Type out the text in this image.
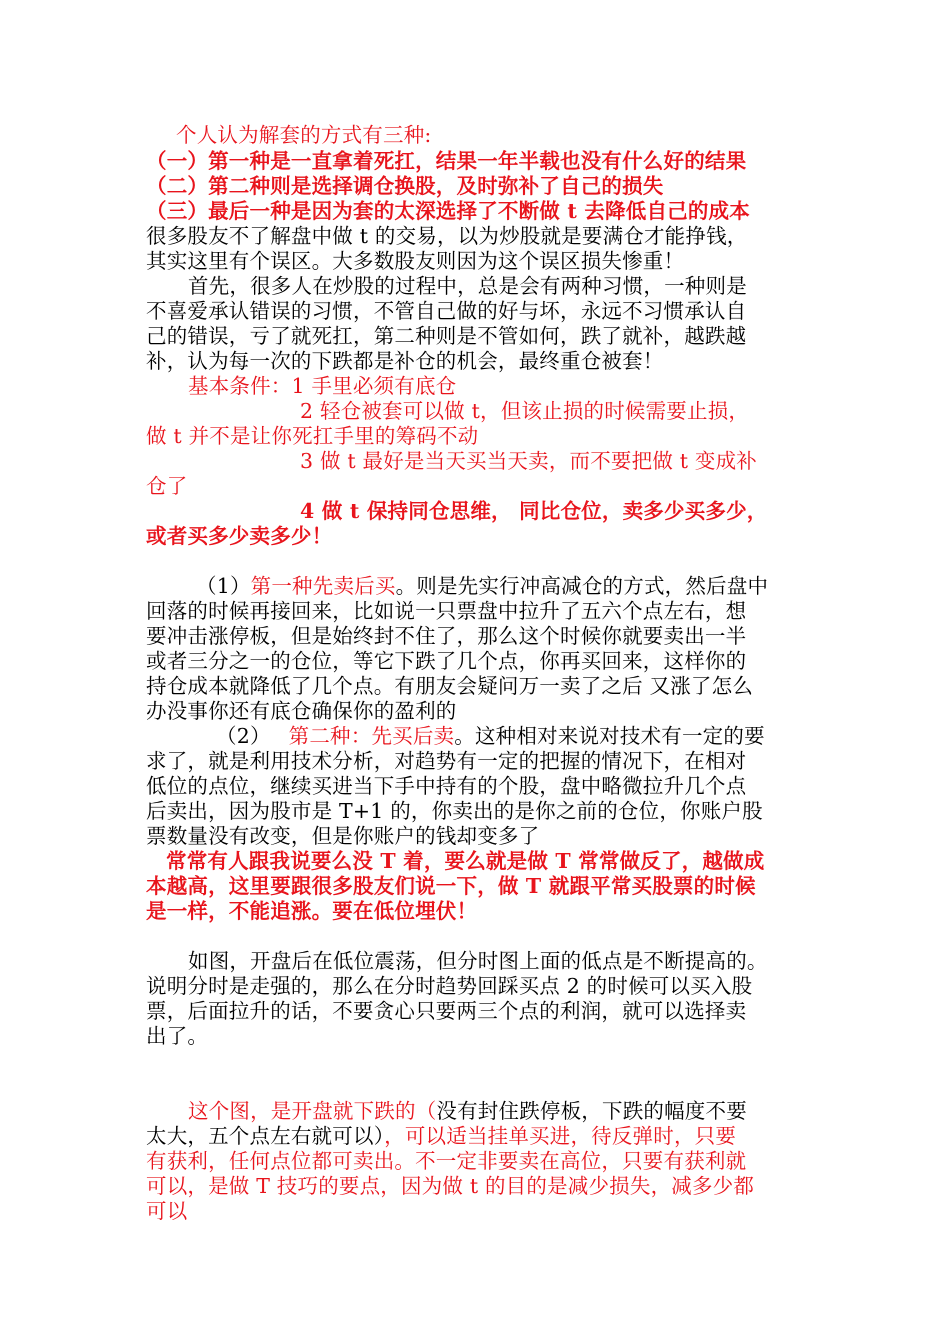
个人认为解套的方式有三种:

（一）第一种是一直拿着死扛，结果一年半载也没有什么好的结果

（二）第二种则是选择调仓换股，及时弥补了自己的损失

（三）最后一种是因为套的太深选择了不断做 t 去降低自己的成本

很多股友不了解盘中做 t 的交易，以为炒股就是要满仓才能挣钱，

其实这里有个误区。大多数股友则因为这个误区损失惨重！

首先，很多人在炒股的过程中，总是会有两种习惯，一种则是

不喜爱承认错误的习惯，不管自己做的好与坏，永远不习惯承认自

己的错误，亏了就死扛，第二种则是不管如何，跌了就补，越跌越

补，认为每一次的下跌都是补仓的机会，最终重仓被套！

基本条件：1 手里必须有底仓

2 轻仓被套可以做 t，但该止损的时候需要止损，

做 t 并不是让你死扛手里的筹码不动

3 做 t 最好是当天买当天卖，而不要把做 t 变成补

仓了

4 做 t 保持同仓思维， 同比仓位，卖多少买多少，

或者买多少卖多少！

（1）第一种先卖后买。则是先实行冲高减仓的方式，然后盘中

回落的时候再接回来，比如说一只票盘中拉升了五六个点左右，想

要冲击涨停板，但是始终封不住了，那么这个时候你就要卖出一半

或者三分之一的仓位，等它下跌了几个点，你再买回来，这样你的

持仓成本就降低了几个点。有朋友会疑问万一卖了之后 又涨了怎么

办没事你还有底仓确保你的盈利的

（2） 第二种：先买后卖。这种相对来说对技术有一定的要

求了，就是利用技术分析，对趋势有一定的把握的情况下，在相对

低位的点位，继续买进当下手中持有的个股，盘中略微拉升几个点

后卖出，因为股市是 T+1 的，你卖出的是你之前的仓位，你账户股

票数量没有改变，但是你账户的钱却变多了

常常有人跟我说要么没 T 着，要么就是做 T 常常做反了，越做成

本越高，这里要跟很多股友们说一下，做 T 就跟平常买股票的时候

是一样，不能追涨。要在低位埋伏！

如图，开盘后在低位震荡，但分时图上面的低点是不断提高的。

说明分时是走强的，那么在分时趋势回踩买点 2 的时候可以买入股

票，后面拉升的话，不要贪心只要两三个点的利润，就可以选择卖

出了。

这个图，是开盘就下跌的（没有封住跌停板，下跌的幅度不要

太大，五个点左右就可以），可以适当挂单买进，待反弹时，只要

有获利，任何点位都可卖出。不一定非要卖在高位，只要有获利就

可以，是做 T 技巧的要点，因为做 t 的目的是减少损失，减多少都

可以
